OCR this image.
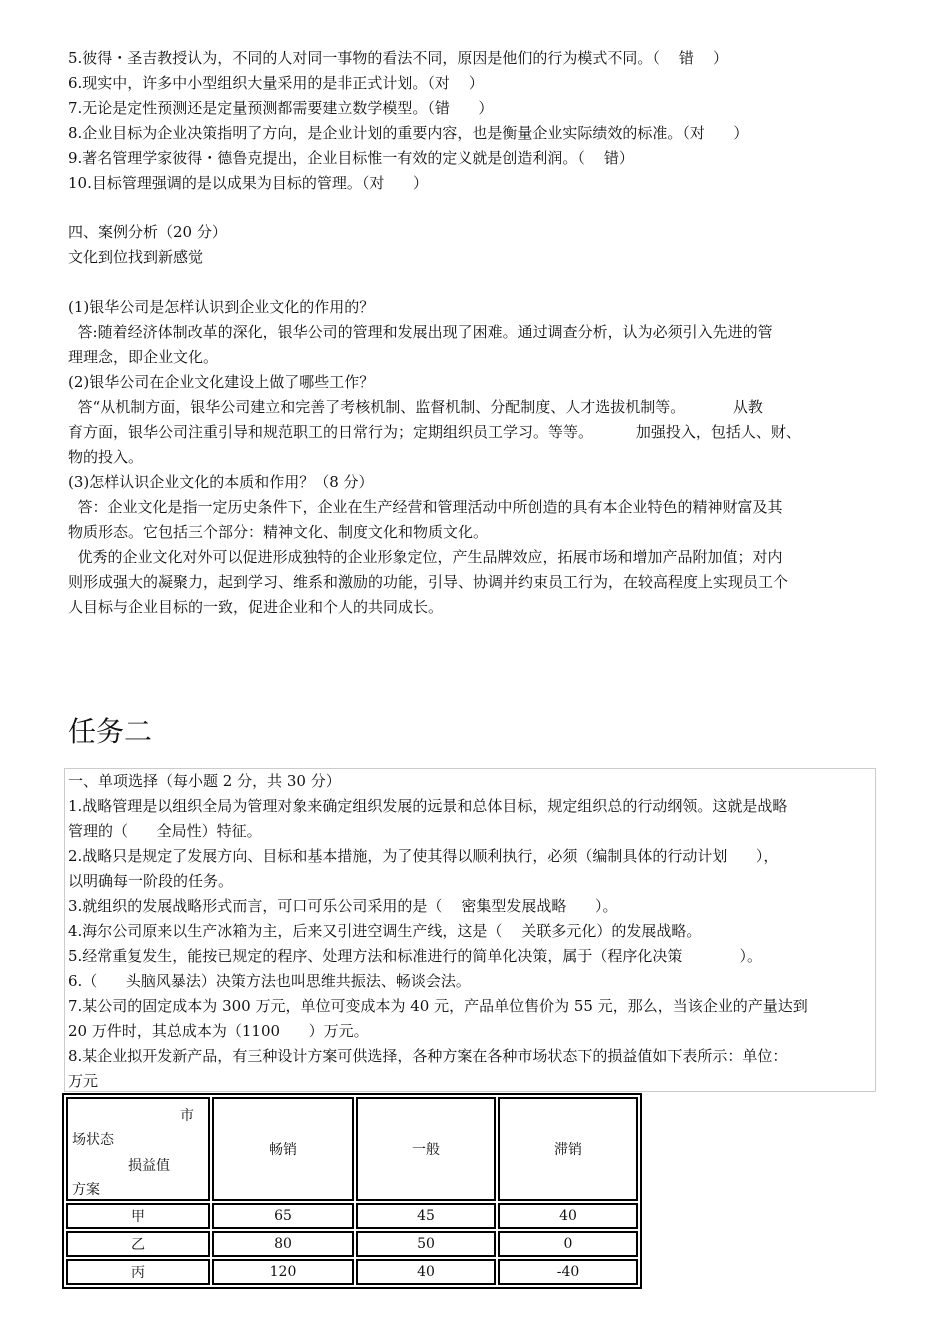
5.彼得・圣吉教授认为，不同的人对同一事物的看法不同，原因是他们的行为模式不同。（    错    ）
6.现实中，许多中小型组织大量采用的是非正式计划。（对    ）
7.无论是定性预测还是定量预测都需要建立数学模型。（错      ）
8.企业目标为企业决策指明了方向，是企业计划的重要内容，也是衡量企业实际绩效的标准。（对      ）
9.著名管理学家彼得・德鲁克提出，企业目标惟一有效的定义就是创造利润。（    错）
10.目标管理强调的是以成果为目标的管理。（对      ）
四、案例分析（20 分）
文化到位找到新感觉
(1)银华公司是怎样认识到企业文化的作用的？
答:随着经济体制改革的深化，银华公司的管理和发展出现了困难。通过调查分析，认为必须引入先进的管
理理念，即企业文化。
(2)银华公司在企业文化建设上做了哪些工作？
答“从机制方面，银华公司建立和完善了考核机制、监督机制、分配制度、人才选拔机制等。          从教
育方面，银华公司注重引导和规范职工的日常行为；定期组织员工学习。等等。         加强投入，包括人、财、
物的投入。
(3)怎样认识企业文化的本质和作用？（8 分）
答：企业文化是指一定历史条件下，企业在生产经营和管理活动中所创造的具有本企业特色的精神财富及其
物质形态。它包括三个部分：精神文化、制度文化和物质文化。
优秀的企业文化对外可以促进形成独特的企业形象定位，产生品牌效应，拓展市场和增加产品附加值；对内
则形成强大的凝聚力，起到学习、维系和激励的功能，引导、协调并约束员工行为，在较高程度上实现员工个
人目标与企业目标的一致，促进企业和个人的共同成长。
任务二
一、单项选择（每小题 2 分，共 30 分）
1.战略管理是以组织全局为管理对象来确定组织发展的远景和总体目标，规定组织总的行动纲领。这就是战略
管理的（      全局性）特征。
2.战略只是规定了发展方向、目标和基本措施，为了使其得以顺利执行，必须（编制具体的行动计划      ），
以明确每一阶段的任务。
3.就组织的发展战略形式而言，可口可乐公司采用的是（    密集型发展战略      ）。
4.海尔公司原来以生产冰箱为主，后来又引进空调生产线，这是（    关联多元化）的发展战略。
5.经常重复发生，能按已规定的程序、处理方法和标准进行的简单化决策，属于（程序化决策            ）。
6.（      头脑风暴法）决策方法也叫思维共振法、畅谈会法。
7.某公司的固定成本为 300 万元，单位可变成本为 40 元，产品单位售价为 55 元，那么，当该企业的产量达到
20 万件时，其总成本为（1100      ）万元。
8.某企业拟开发新产品，有三种设计方案可供选择，各种方案在各种市场状态下的损益值如下表所示：单位：
万元
市
场状态
损益值
方案	畅销	一般	滞销
甲	65	45	40
乙	80	50	0
丙	120	40	-40
